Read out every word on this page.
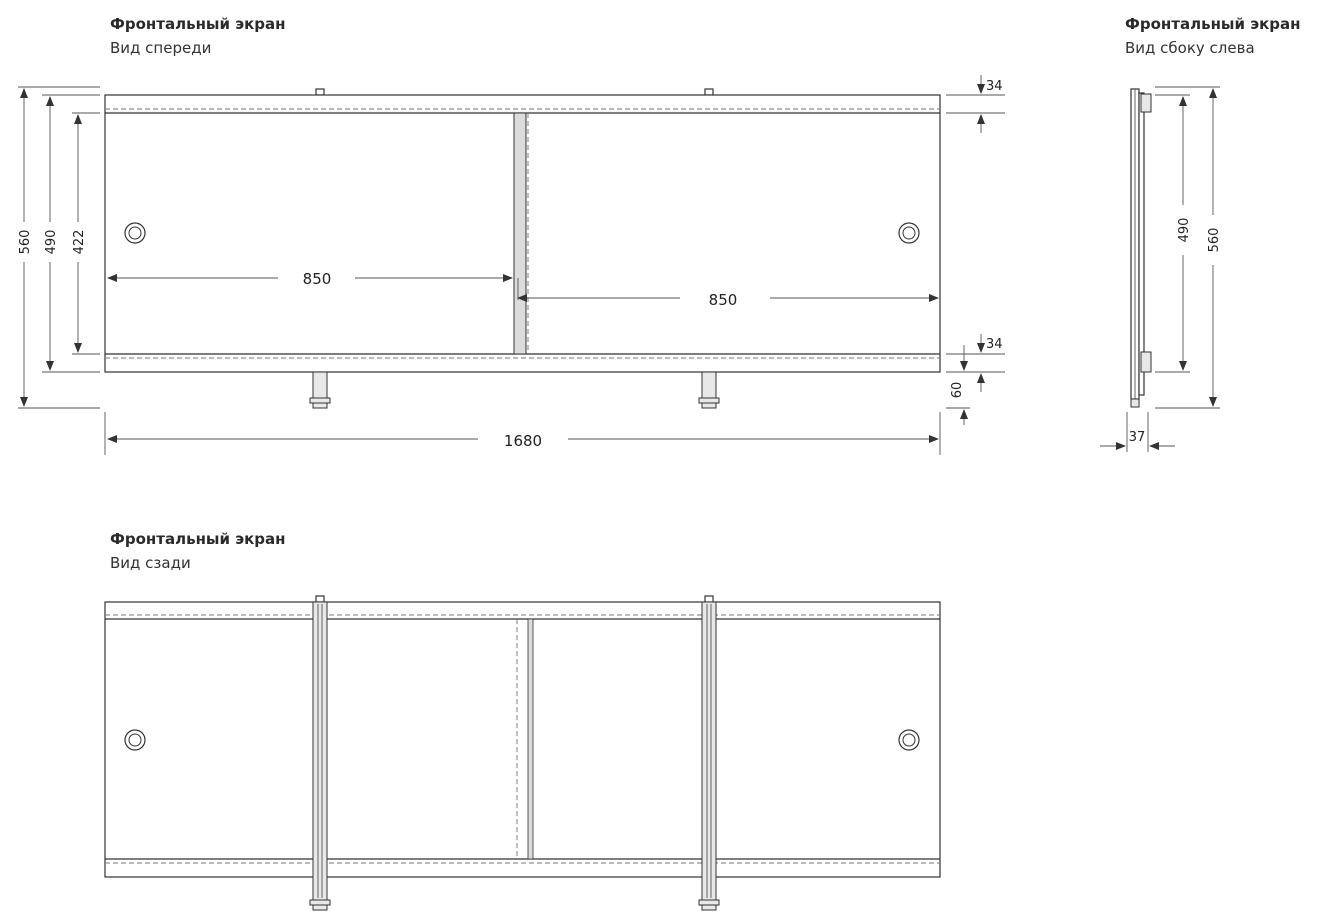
Фронтальный экран
Вид спереди
Фронтальный экран
Вид сбоку слева
Фронтальный экран
Вид сзади
850
850
1680
560 490 422
34
34
60
490 560
37
